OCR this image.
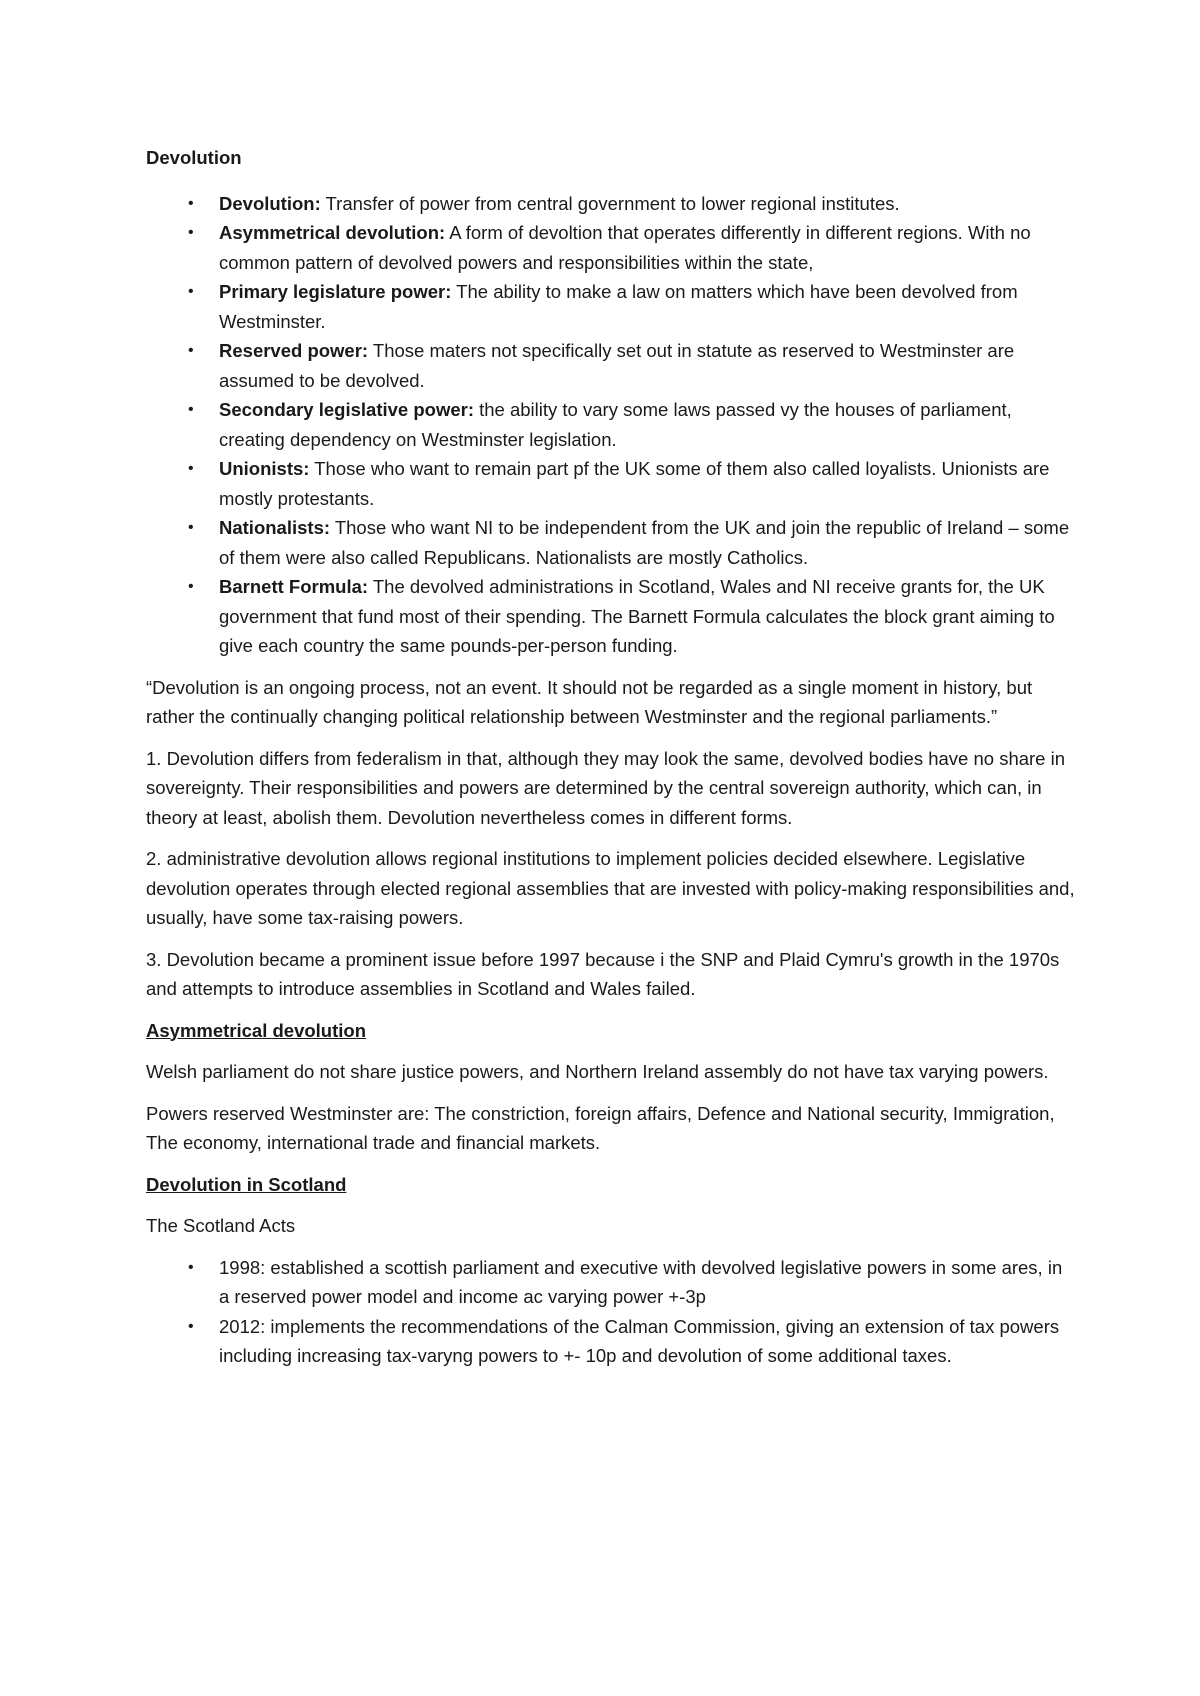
Devolution
• Devolution: Transfer of power from central government to lower regional institutes.
• Asymmetrical devolution: A form of devoltion that operates differently in different regions. With no common pattern of devolved powers and responsibilities within the state,
• Primary legislature power: The ability to make a law on matters which have been devolved from Westminster.
• Reserved power: Those maters not specifically set out in statute as reserved to Westminster are assumed to be devolved.
• Secondary legislative power: the ability to vary some laws passed vy the houses of parliament, creating dependency on Westminster legislation.
• Unionists: Those who want to remain part pf the UK some of them also called loyalists. Unionists are mostly protestants.
• Nationalists: Those who want NI to be independent from the UK and join the republic of Ireland – some of them were also called Republicans. Nationalists are mostly Catholics.
• Barnett Formula: The devolved administrations in Scotland, Wales and NI receive grants for, the UK government that fund most of their spending. The Barnett Formula calculates the block grant aiming to give each country the same pounds-per-person funding.

“Devolution is an ongoing process, not an event. It should not be regarded as a single moment in history, but rather the continually changing political relationship between Westminster and the regional parliaments.”

1. Devolution differs from federalism in that, although they may look the same, devolved bodies have no share in sovereignty. Their responsibilities and powers are determined by the central sovereign authority, which can, in theory at least, abolish them. Devolution nevertheless comes in different forms.

2. administrative devolution allows regional institutions to implement policies decided elsewhere. Legislative devolution operates through elected regional assemblies that are invested with policy-making responsibilities and, usually, have some tax-raising powers.

3. Devolution became a prominent issue before 1997 because i the SNP and Plaid Cymru's growth in the 1970s and attempts to introduce assemblies in Scotland and Wales failed.

Asymmetrical devolution

Welsh parliament do not share justice powers, and Northern Ireland assembly do not have tax varying powers.

Powers reserved Westminster are: The constriction, foreign affairs, Defence and National security, Immigration, The economy, international trade and financial markets.

Devolution in Scotland

The Scotland Acts

• 1998: established a scottish parliament and executive with devolved legislative powers in some ares, in a reserved power model and income ac varying power +-3p
• 2012: implements the recommendations of the Calman Commission, giving an extension of tax powers including increasing tax-varyng powers to +- 10p and devolution of some additional taxes.
